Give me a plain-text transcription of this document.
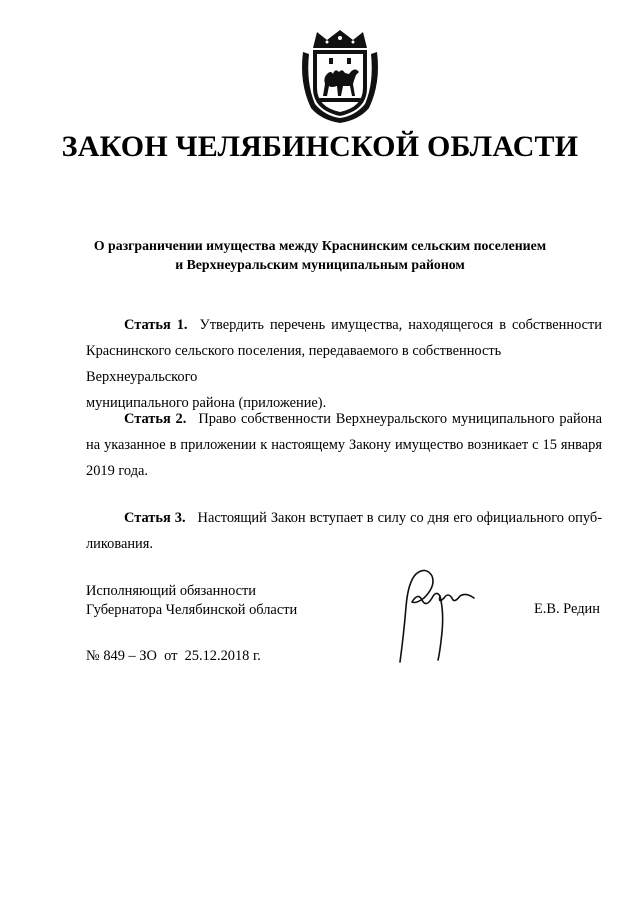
ЗАКОН ЧЕЛЯБИНСКОЙ ОБЛАСТИ
О разграничении имущества между Краснинским сельским поселением
и Верхнеуральским муниципальным районом
Статья 1. Утвердить перечень имущества, находящегося в собственности
Краснинского сельского поселения, передаваемого в собственность Верхнеуральского
муниципального района (приложение).
Статья 2. Право собственности Верхнеуральского муниципального района
на указанное в приложении к настоящему Закону имущество возникает с 15 января
2019 года.
Статья 3. Настоящий Закон вступает в силу со дня его официального опуб-
ликования.
Исполняющий обязанности
Губернатора Челябинской области	Е.В. Редин
№ 849 – ЗО  от  25.12.2018 г.
